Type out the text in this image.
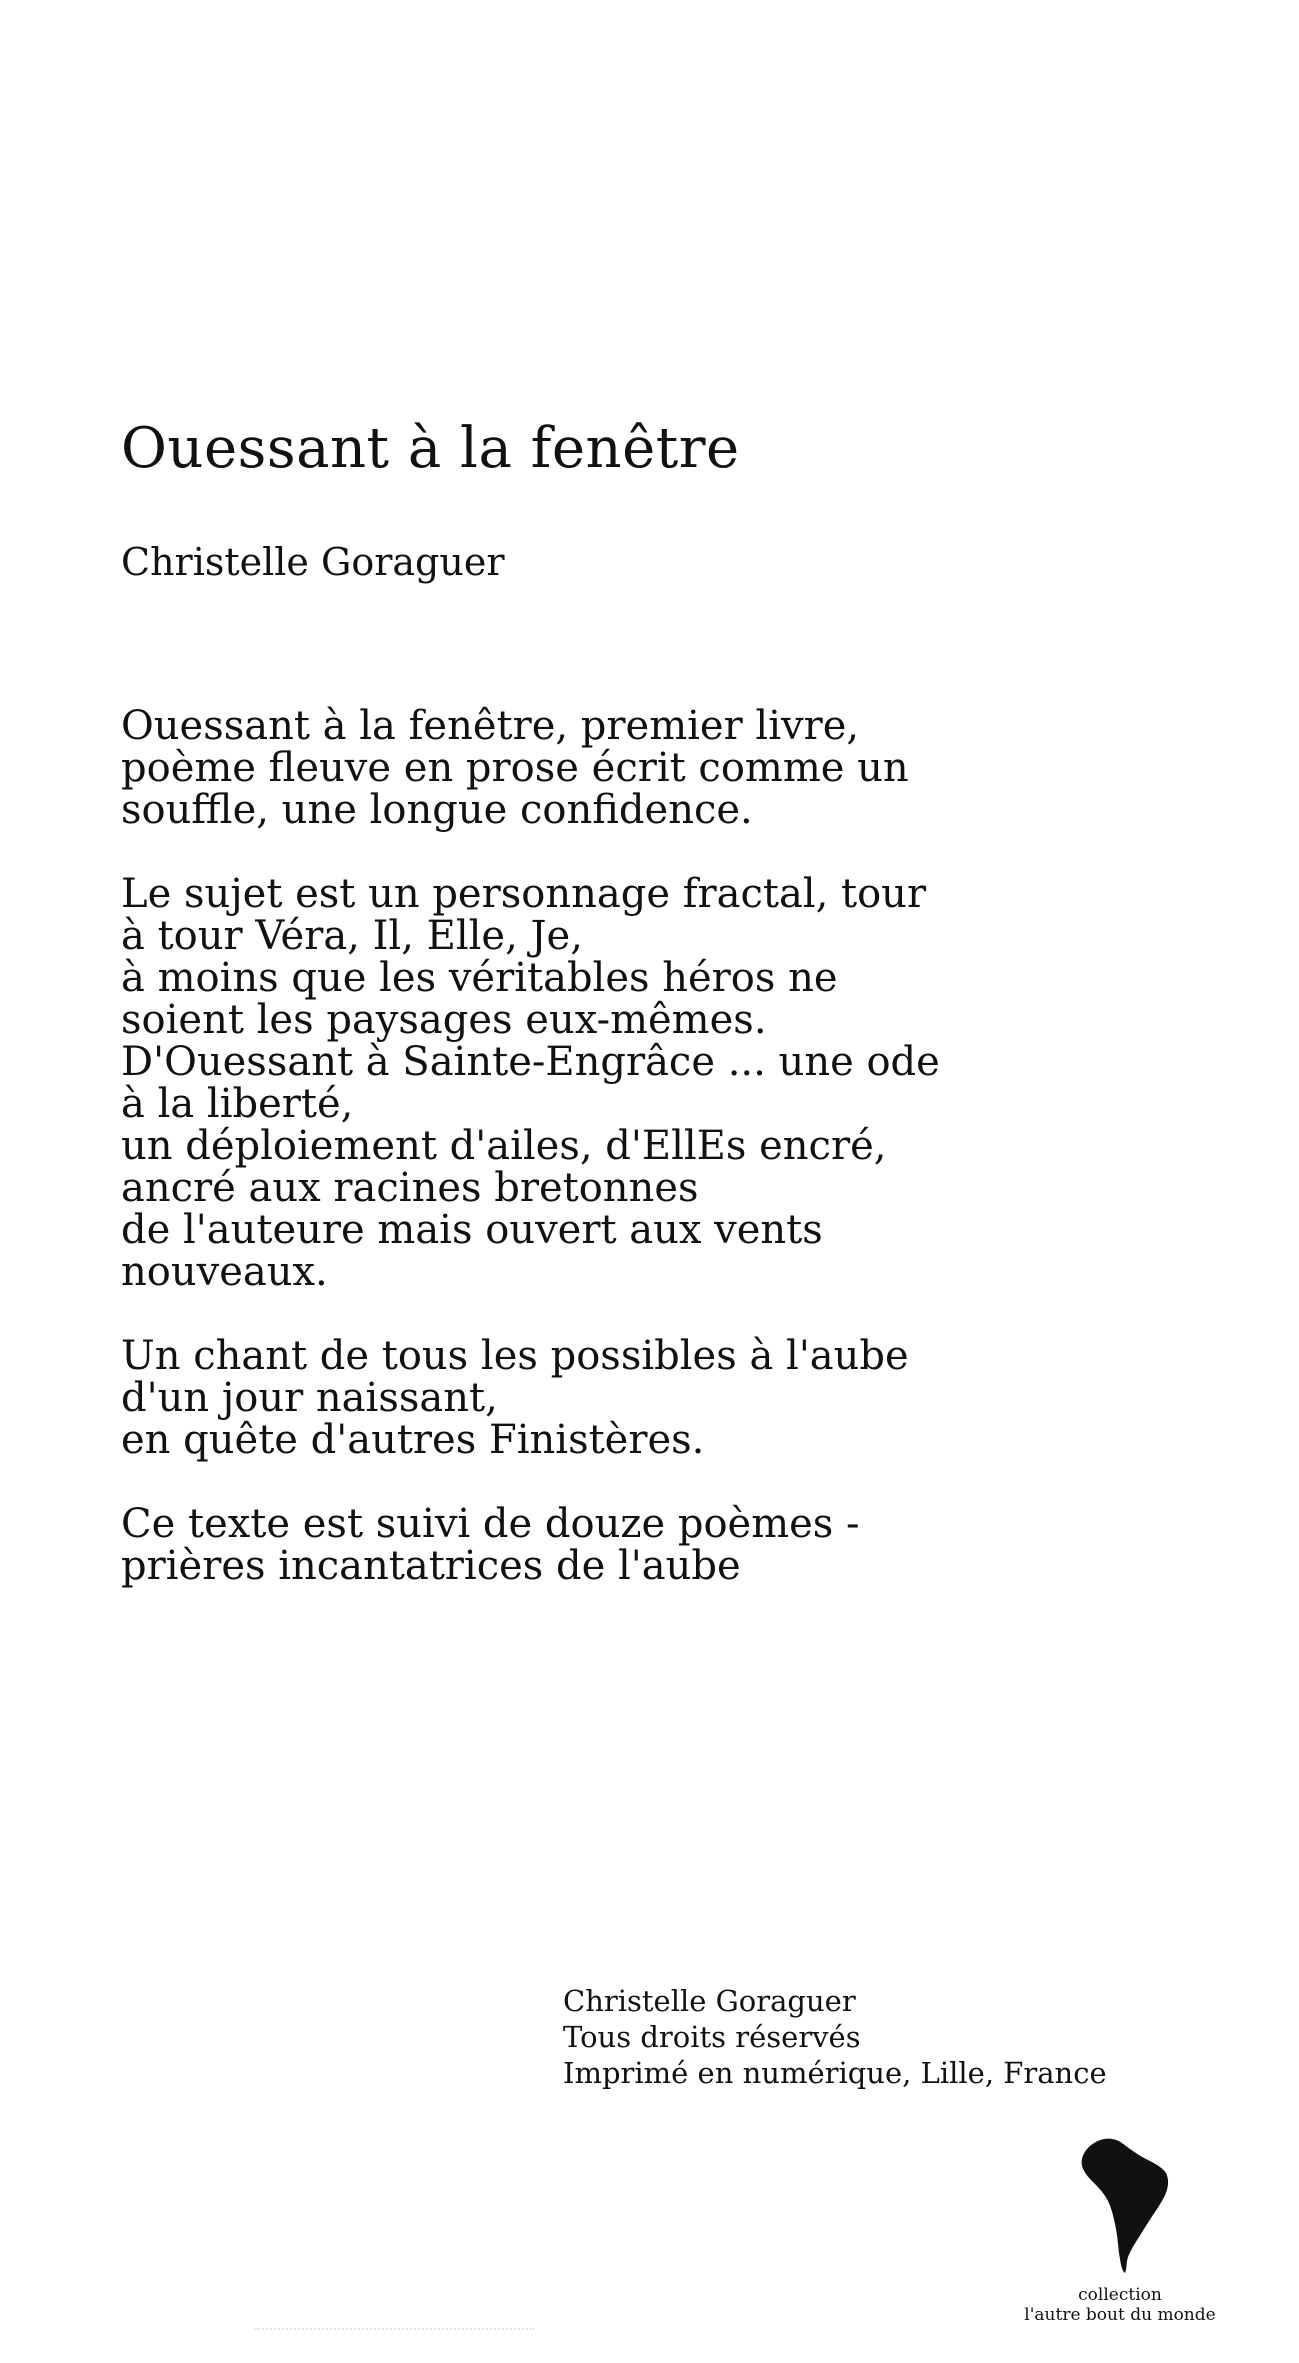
Ouessant à la fenêtre
Christelle Goraguer

Ouessant à la fenêtre, premier livre,
poème fleuve en prose écrit comme un
souffle, une longue confidence.

Le sujet est un personnage fractal, tour
à tour Véra, Il, Elle, Je,
à moins que les véritables héros ne
soient les paysages eux-mêmes.
D'Ouessant à Sainte-Engrâce ... une ode
à la liberté,
un déploiement d'ailes, d'EllEs encré,
ancré aux racines bretonnes
de l'auteure mais ouvert aux vents
nouveaux.

Un chant de tous les possibles à l'aube
d'un jour naissant,
en quête d'autres Finistères.

Ce texte est suivi de douze poèmes -
prières incantatrices de l'aube

Christelle Goraguer
Tous droits réservés
Imprimé en numérique, Lille, France
collection
l'autre bout du monde
